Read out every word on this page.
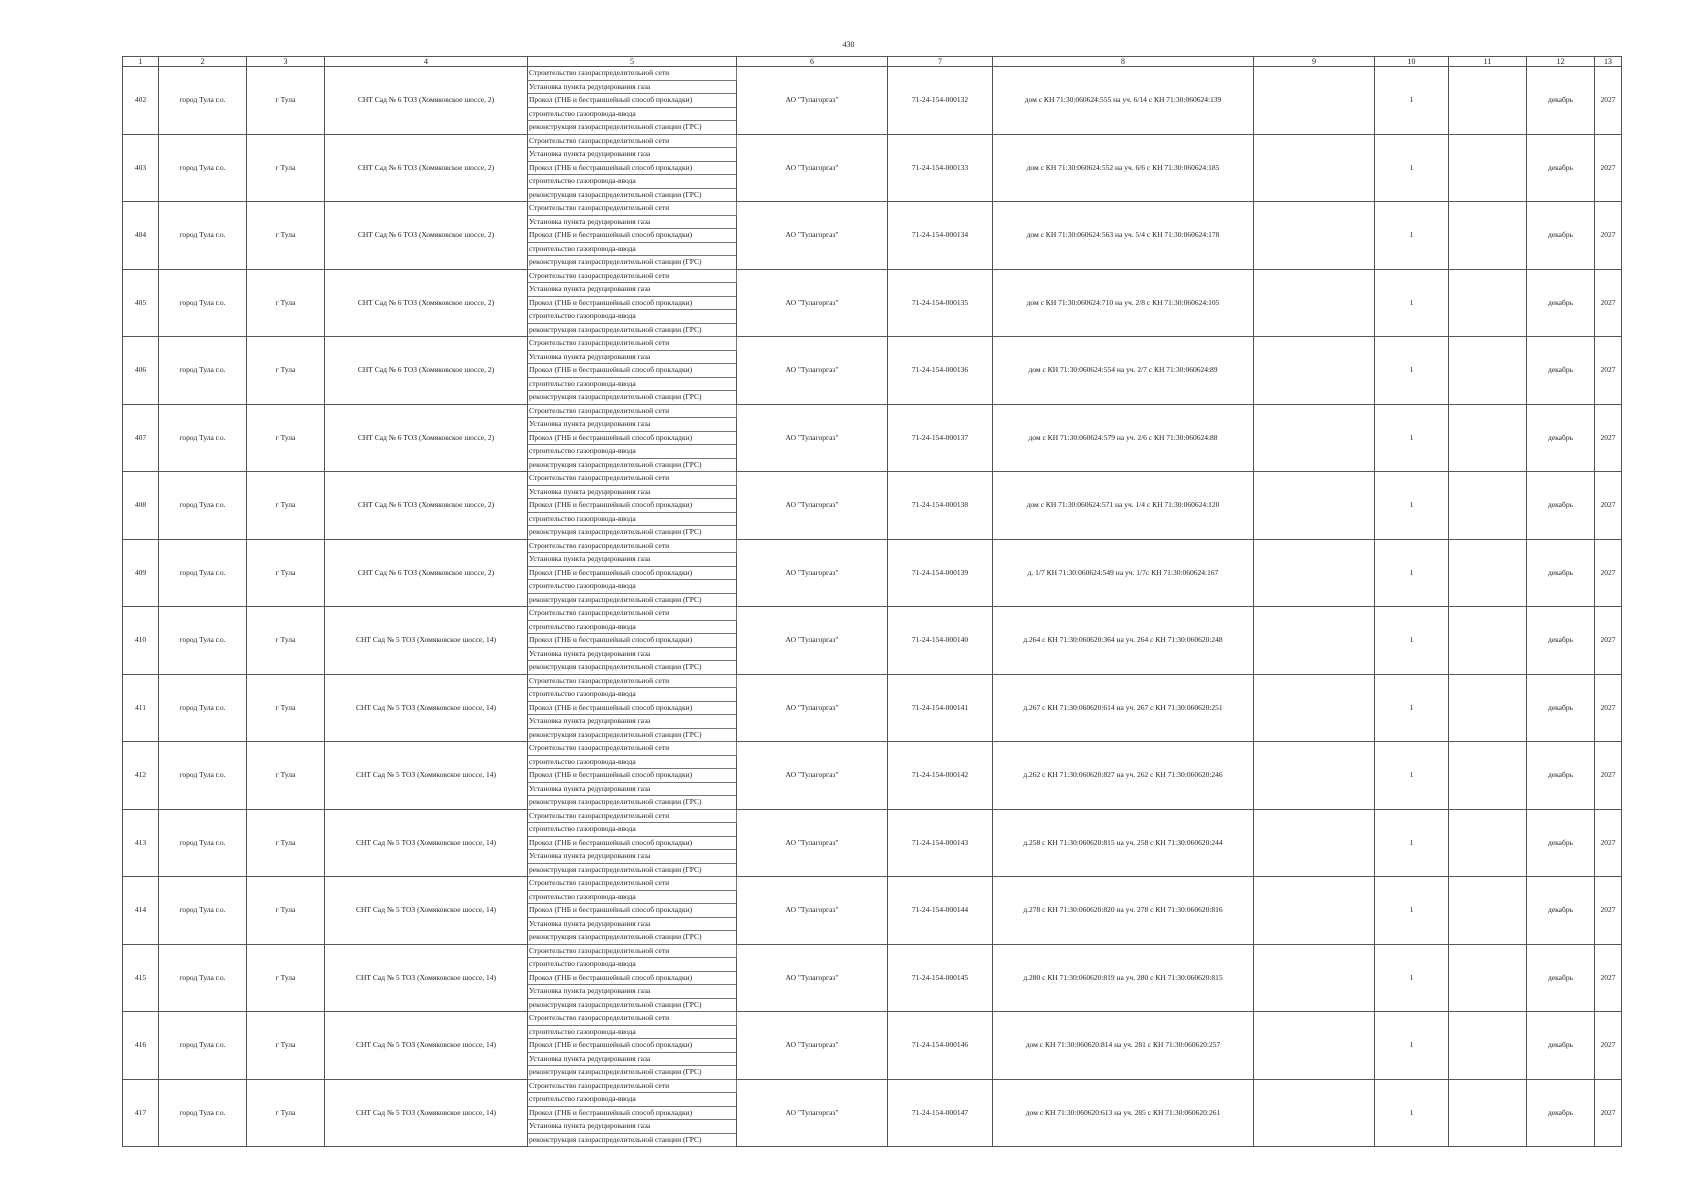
430
1	2	3	4	5	6	7	8	9	10	11	12	13
402	город Тула г.о.	г Тула	СНТ Сад № 6 ТОЗ (Хомяковское шоссе, 2)	Строительство газораспределительной сети	АО "Тулагоргаз"	71-24-154-000132	дом с КН 71:30:060624:555 на уч. 6/14 с КН 71:30:060624:139		1		декабрь	2027
				Установка пункта редуцирования газа								
				Прокол (ГНБ и бестраншейный способ прокладки)								
				строительство газопровода-ввода								
				реконструкция газораспределительной станции (ГРС)								
403	город Тула г.о.	г Тула	СНТ Сад № 6 ТОЗ (Хомяковское шоссе, 2)	Строительство газораспределительной сети	АО "Тулагоргаз"	71-24-154-000133	дом с КН 71:30:060624:552 на уч. 6/6 с КН 71:30:060624:185		1		декабрь	2027
				Установка пункта редуцирования газа								
				Прокол (ГНБ и бестраншейный способ прокладки)								
				строительство газопровода-ввода								
				реконструкция газораспределительной станции (ГРС)								
404	город Тула г.о.	г Тула	СНТ Сад № 6 ТОЗ (Хомяковское шоссе, 2)	Строительство газораспределительной сети	АО "Тулагоргаз"	71-24-154-000134	дом с КН 71:30:060624:563 на уч. 5/4 с КН 71:30:060624:178		1		декабрь	2027
				Установка пункта редуцирования газа								
				Прокол (ГНБ и бестраншейный способ прокладки)								
				строительство газопровода-ввода								
				реконструкция газораспределительной станции (ГРС)								
405	город Тула г.о.	г Тула	СНТ Сад № 6 ТОЗ (Хомяковское шоссе, 2)	Строительство газораспределительной сети	АО "Тулагоргаз"	71-24-154-000135	дом с КН 71:30:060624:710 на уч. 2/8 с КН 71:30:060624:105		1		декабрь	2027
				Установка пункта редуцирования газа								
				Прокол (ГНБ и бестраншейный способ прокладки)								
				строительство газопровода-ввода								
				реконструкция газораспределительной станции (ГРС)								
406	город Тула г.о.	г Тула	СНТ Сад № 6 ТОЗ (Хомяковское шоссе, 2)	Строительство газораспределительной сети	АО "Тулагоргаз"	71-24-154-000136	дом с КН 71:30:060624:554 на уч. 2/7 с КН 71:30:060624:89		1		декабрь	2027
				Установка пункта редуцирования газа								
				Прокол (ГНБ и бестраншейный способ прокладки)								
				строительство газопровода-ввода								
				реконструкция газораспределительной станции (ГРС)								
407	город Тула г.о.	г Тула	СНТ Сад № 6 ТОЗ (Хомяковское шоссе, 2)	Строительство газораспределительной сети	АО "Тулагоргаз"	71-24-154-000137	дом с КН 71:30:060624:579 на уч. 2/6 с КН 71:30:060624:88		1		декабрь	2027
				Установка пункта редуцирования газа								
				Прокол (ГНБ и бестраншейный способ прокладки)								
				строительство газопровода-ввода								
				реконструкция газораспределительной станции (ГРС)								
408	город Тула г.о.	г Тула	СНТ Сад № 6 ТОЗ (Хомяковское шоссе, 2)	Строительство газораспределительной сети	АО "Тулагоргаз"	71-24-154-000138	дом с КН 71:30:060624:571 на уч. 1/4 с КН 71:30:060624:120		1		декабрь	2027
				Установка пункта редуцирования газа								
				Прокол (ГНБ и бестраншейный способ прокладки)								
				строительство газопровода-ввода								
				реконструкция газораспределительной станции (ГРС)								
409	город Тула г.о.	г Тула	СНТ Сад № 6 ТОЗ (Хомяковское шоссе, 2)	Строительство газораспределительной сети	АО "Тулагоргаз"	71-24-154-000139	д. 1/7 КН 71:30:060624:549 на уч. 1/7с КН 71:30:060624:167		1		декабрь	2027
				Установка пункта редуцирования газа								
				Прокол (ГНБ и бестраншейный способ прокладки)								
				строительство газопровода-ввода								
				реконструкция газораспределительной станции (ГРС)								
410	город Тула г.о.	г Тула	СНТ Сад № 5 ТОЗ (Хомяковское шоссе, 14)	Строительство газораспределительной сети	АО "Тулагоргаз"	71-24-154-000140	д.264 с КН 71:30:060620:364 на уч. 264 с КН 71:30:060620:248		1		декабрь	2027
				строительство газопровода-ввода								
				Прокол (ГНБ и бестраншейный способ прокладки)								
				Установка пункта редуцирования газа								
				реконструкция газораспределительной станции (ГРС)								
411	город Тула г.о.	г Тула	СНТ Сад № 5 ТОЗ (Хомяковское шоссе, 14)	Строительство газораспределительной сети	АО "Тулагоргаз"	71-24-154-000141	д.267 с КН 71:30:060620:614 на уч. 267 с КН 71:30:060620:251		1		декабрь	2027
				строительство газопровода-ввода								
				Прокол (ГНБ и бестраншейный способ прокладки)								
				Установка пункта редуцирования газа								
				реконструкция газораспределительной станции (ГРС)								
412	город Тула г.о.	г Тула	СНТ Сад № 5 ТОЗ (Хомяковское шоссе, 14)	Строительство газораспределительной сети	АО "Тулагоргаз"	71-24-154-000142	д.262 с КН 71:30:060620:827 на уч. 262 с КН 71:30:060620:246		1		декабрь	2027
				строительство газопровода-ввода								
				Прокол (ГНБ и бестраншейный способ прокладки)								
				Установка пункта редуцирования газа								
				реконструкция газораспределительной станции (ГРС)								
413	город Тула г.о.	г Тула	СНТ Сад № 5 ТОЗ (Хомяковское шоссе, 14)	Строительство газораспределительной сети	АО "Тулагоргаз"	71-24-154-000143	д.258 с КН 71:30:060620:815 на уч. 258 с КН 71:30:060620:244		1		декабрь	2027
				строительство газопровода-ввода								
				Прокол (ГНБ и бестраншейный способ прокладки)								
				Установка пункта редуцирования газа								
				реконструкция газораспределительной станции (ГРС)								
414	город Тула г.о.	г Тула	СНТ Сад № 5 ТОЗ (Хомяковское шоссе, 14)	Строительство газораспределительной сети	АО "Тулагоргаз"	71-24-154-000144	д.278 с КН 71:30:060620:820 на уч. 278 с КН 71:30:060620:816		1		декабрь	2027
				строительство газопровода-ввода								
				Прокол (ГНБ и бестраншейный способ прокладки)								
				Установка пункта редуцирования газа								
				реконструкция газораспределительной станции (ГРС)								
415	город Тула г.о.	г Тула	СНТ Сад № 5 ТОЗ (Хомяковское шоссе, 14)	Строительство газораспределительной сети	АО "Тулагоргаз"	71-24-154-000145	д.280 с КН 71:30:060620:819 на уч. 280 с КН 71:30:060620:815		1		декабрь	2027
				строительство газопровода-ввода								
				Прокол (ГНБ и бестраншейный способ прокладки)								
				Установка пункта редуцирования газа								
				реконструкция газораспределительной станции (ГРС)								
416	город Тула г.о.	г Тула	СНТ Сад № 5 ТОЗ (Хомяковское шоссе, 14)	Строительство газораспределительной сети	АО "Тулагоргаз"	71-24-154-000146	дом с КН 71:30:060620:814 на уч. 281 с КН 71:30:060620:257		1		декабрь	2027
				строительство газопровода-ввода								
				Прокол (ГНБ и бестраншейный способ прокладки)								
				Установка пункта редуцирования газа								
				реконструкция газораспределительной станции (ГРС)								
417	город Тула г.о.	г Тула	СНТ Сад № 5 ТОЗ (Хомяковское шоссе, 14)	Строительство газораспределительной сети	АО "Тулагоргаз"	71-24-154-000147	дом с КН 71:30:060620:613 на уч. 285 с КН 71:30:060620:261		1		декабрь	2027
				строительство газопровода-ввода								
				Прокол (ГНБ и бестраншейный способ прокладки)								
				Установка пункта редуцирования газа								
				реконструкция газораспределительной станции (ГРС)								
